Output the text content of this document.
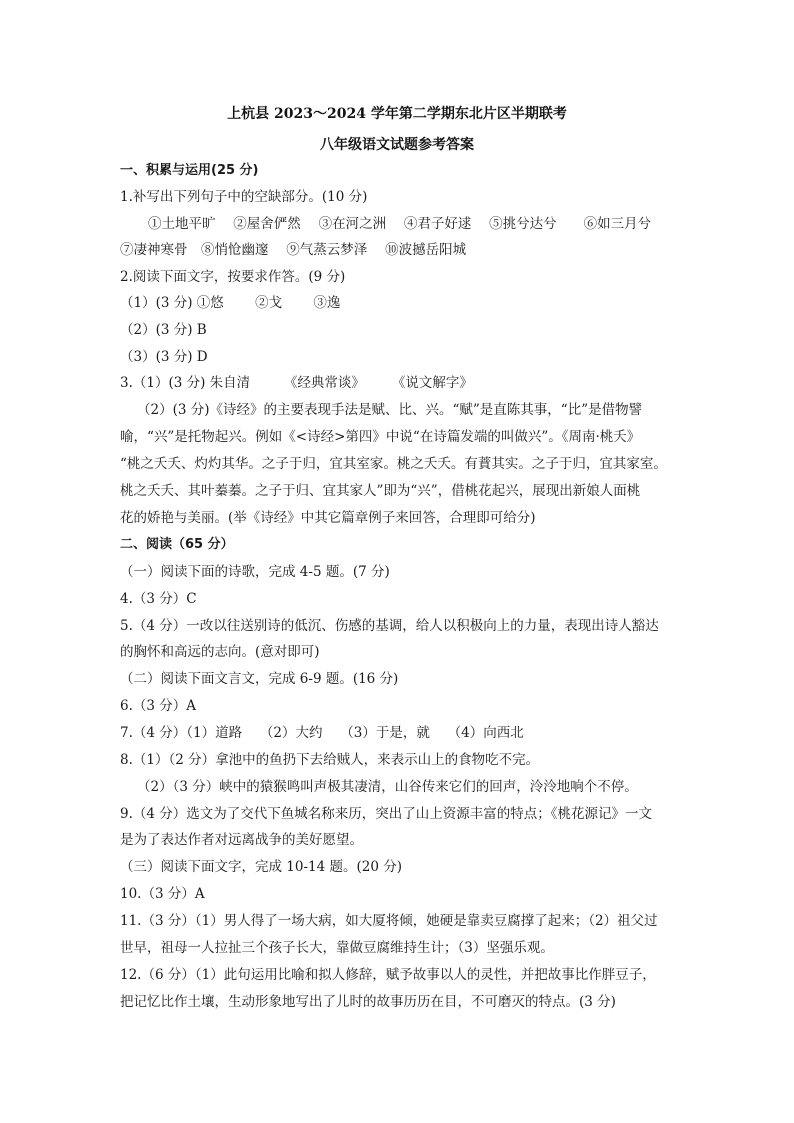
上杭县 2023～2024 学年第二学期东北片区半期联考
八年级语文试题参考答案
一、积累与运用(25 分)
1.补写出下列句子中的空缺部分。(10 分)
①土地平旷　 ②屋舍俨然　 ③在河之洲　 ④君子好逑　 ⑤挑兮达兮　　⑥如三月兮
⑦凄神寒骨　⑧悄怆幽邃　 ⑨气蒸云梦泽　 ⑩波撼岳阳城
2.阅读下面文字，按要求作答。(9 分)
（1）(3 分) ①悠　　 ②戈　　 ③逸
（2）(3 分) B
（3）(3 分) D
3.（1）(3 分) 朱自清　　　《经典常谈》　　　《说文解字》
（2）(3 分)《诗经》的主要表现手法是赋、比、兴。“赋”是直陈其事，“比”是借物譬
喻，“兴”是托物起兴。例如《<诗经>第四》中说“在诗篇发端的叫做兴”。《周南·桃夭》
“桃之夭夭、灼灼其华。之子于归，宜其室家。桃之夭夭。有蕡其实。之子于归，宜其家室。
桃之夭夭、其叶蓁蓁。之子于归、宜其家人”即为“兴”，借桃花起兴，展现出新娘人面桃
花的娇艳与美丽。(举《诗经》中其它篇章例子来回答，合理即可给分)
二、阅读（65 分）
（一）阅读下面的诗歌，完成 4-5 题。(7 分)
4.（3 分）C
5.（4 分）一改以往送别诗的低沉、伤感的基调，给人以积极向上的力量，表现出诗人豁达
的胸怀和高远的志向。(意对即可)
（二）阅读下面文言文，完成 6-9 题。(16 分)
6.（3 分）A
7.（4 分）（1）道路　 （2）大约　 （3）于是，就　 （4）向西北
8.（1）（2 分）拿池中的鱼扔下去给贼人，来表示山上的食物吃不完。
（2）（3 分）峡中的猿猴鸣叫声极其凄清，山谷传来它们的回声，泠泠地响个不停。
9.（4 分）选文为了交代下鱼城名称来历，突出了山上资源丰富的特点；《桃花源记》一文
是为了表达作者对远离战争的美好愿望。
（三）阅读下面文字，完成 10-14 题。(20 分)
10.（3 分）A
11.（3 分）（1）男人得了一场大病，如大厦将倾，她硬是靠卖豆腐撑了起来；（2）祖父过
世早，祖母一人拉扯三个孩子长大，靠做豆腐维持生计；（3）坚强乐观。
12.（6 分）（1）此句运用比喻和拟人修辞，赋予故事以人的灵性，并把故事比作胖豆子，
把记忆比作土壤，生动形象地写出了儿时的故事历历在目，不可磨灭的特点。(3 分)
